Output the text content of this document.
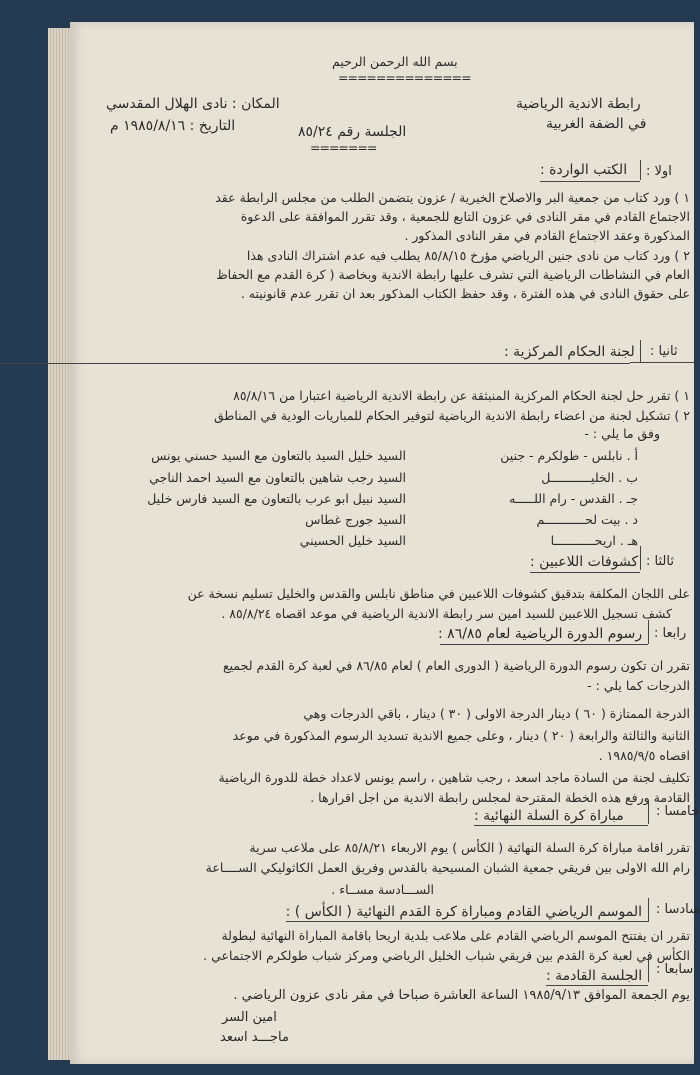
بسم الله الرحمن الرحيم
==============
رابطة الاندية الرياضية
في الضفة الغربية
المكان : نادى الهلال المقدسي
التاريخ : ١٩٨٥/٨/١٦ م	الجلسة رقم ٨٥/٢٤
=======
اولا :
الكتب الواردة :
١ ) ورد كتاب من جمعية البر والاصلاح الخيرية / عزون يتضمن الطلب من مجلس الرابطة عقد
الاجتماع القادم في مقر النادى في عزون التابع للجمعية ، وقد تقرر الموافقة على الدعوة
المذكورة وعقد الاجتماع القادم في مقر النادى المذكور .
٢ ) ورد كتاب من نادى جنين الرياضي مؤرخ ٨٥/٨/١٥ يطلب فيه عدم اشتراك النادى هذا
العام في النشاطات الرياضية التي تشرف عليها رابطة الاندية وبخاصة ( كرة القدم مع الحفاظ
على حقوق النادى في هذه الفترة ، وقد حفظ الكتاب المذكور بعد ان تقرر عدم قانونيته .
ثانيا :
لجنة الحكام المركزية :
١ ) تقرر حل لجنة الحكام المركزية المنبثقة عن رابطة الاندية الرياضية اعتبارا من ٨٥/٨/١٦
٢ ) تشكيل لجنة من اعضاء رابطة الاندية الرياضية لتوفير الحكام للمباريات الودية في المناطق
وفق ما يلي : -
أ . نابلس - طولكرم - جنين
السيد خليل السيد بالتعاون مع السيد حسني يونس
ب . الخليـــــــــــل
السيد رجب شاهين بالتعاون مع السيد احمد الناجي
جـ . القدس - رام اللـــــه
السيد نبيل ابو عرب بالتعاون مع السيد فارس خليل
د . بيت لحـــــــــــم
السيد جورج غطاس
هـ . اريحـــــــــــا
السيد خليل الحسيني
ثالثا :
كشوفات اللاعبين :
على اللجان المكلفة بتدقيق كشوفات اللاعبين في مناطق نابلس والقدس والخليل تسليم نسخة عن
كشف تسجيل اللاعبين للسيد امين سر رابطة الاندية الرياضية في موعد اقصاه ٨٥/٨/٢٤ .
رابعا :
رسوم الدورة الرياضية لعام ٨٦/٨٥ :
تقرر ان تكون رسوم الدورة الرياضية ( الدورى العام ) لعام ٨٦/٨٥ في لعبة كرة القدم لجميع
الدرجات كما يلي : -
الدرجة الممتازة ( ٦٠ ) دينار الدرجة الاولى ( ٣٠ ) دينار ، باقي الدرجات وهي
الثانية والثالثة والرابعة ( ٢٠ ) دينار ، وعلى جميع الاندية تسديد الرسوم المذكورة في موعد
اقصاه ١٩٨٥/٩/٥ .
تكليف لجنة من السادة ماجد اسعد ، رجب شاهين ، راسم يونس لاعداد خطة للدورة الرياضية
القادمة ورفع هذه الخطة المقترحة لمجلس رابطة الاندية من اجل اقرارها .
خامسا :
مباراة كرة السلة النهائية :
تقرر اقامة مباراة كرة السلة النهائية ( الكأس ) يوم الاربعاء ٨٥/٨/٢١ على ملاعب سرية
رام الله الاولى بين فريقي جمعية الشبان المسيحية بالقدس وفريق العمل الكاثوليكي الســــاعة
الســـادسة مســاء .
سادسا :
الموسم الرياضي القادم ومباراة كرة القدم النهائية ( الكأس ) :
تقرر ان يفتتح الموسم الرياضي القادم على ملاعب بلدية اريحا باقامة المباراة النهائية لبطولة
الكأس في لعبة كرة القدم بين فريقي شباب الخليل الرياضي ومركز شباب طولكرم الاجتماعي .
سابعا :
الجلسة القادمة :
يوم الجمعة الموافق ١٩٨٥/٩/١٣ الساعة العاشرة صباحا في مقر نادى عزون الرياضي .
امين السر
ماجـــد اسعد
